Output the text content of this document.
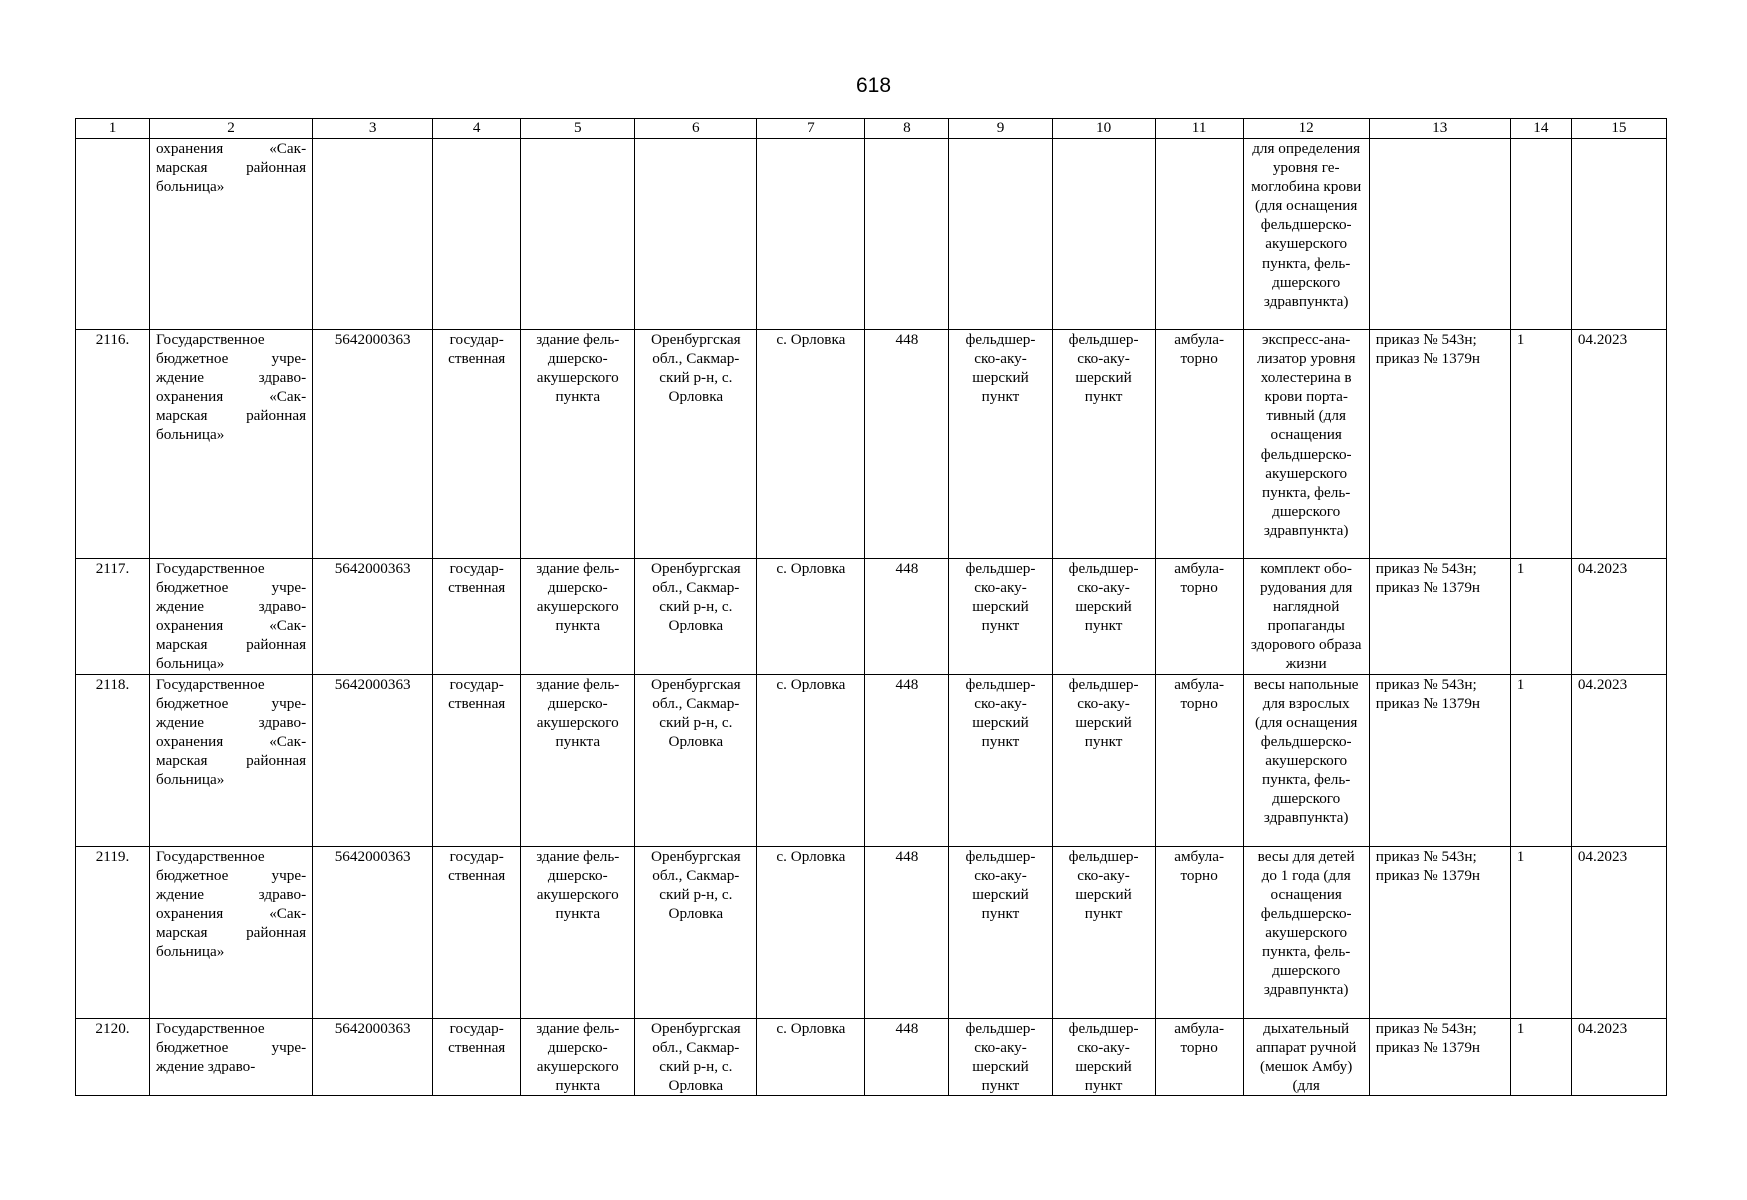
618
1	2	3	4	5	6	7	8	9	10	11	12	13	14	15
	охранения «Сакмарская районная больница»										для определения уровня гемоглобина крови (для оснащения фельдшерско-акушерского пункта, фельдшерского здравпункта)			
2116.	Государственное бюджетное учреждение здравоохранения «Сакмарская районная больница»	5642000363	государственная	здание фельдшерско-акушерского пункта	Оренбургская обл., Сакмарский р-н, с. Орловка	с. Орловка	448	фельдшерско-акушерский пункт	фельдшерско-акушерский пункт	амбулаторно	экспресс-анализатор уровня холестерина в крови портативный (для оснащения фельдшерско-акушерского пункта, фельдшерского здравпункта)	приказ № 543н; приказ № 1379н	1	04.2023
2117.	Государственное бюджетное учреждение здравоохранения «Сакмарская районная больница»	5642000363	государственная	здание фельдшерско-акушерского пункта	Оренбургская обл., Сакмарский р-н, с. Орловка	с. Орловка	448	фельдшерско-акушерский пункт	фельдшерско-акушерский пункт	амбулаторно	комплект оборудования для наглядной пропаганды здорового образа жизни	приказ № 543н; приказ № 1379н	1	04.2023
2118.	Государственное бюджетное учреждение здравоохранения «Сакмарская районная больница»	5642000363	государственная	здание фельдшерско-акушерского пункта	Оренбургская обл., Сакмарский р-н, с. Орловка	с. Орловка	448	фельдшерско-акушерский пункт	фельдшерско-акушерский пункт	амбулаторно	весы напольные для взрослых (для оснащения фельдшерско-акушерского пункта, фельдшерского здравпункта)	приказ № 543н; приказ № 1379н	1	04.2023
2119.	Государственное бюджетное учреждение здравоохранения «Сакмарская районная больница»	5642000363	государственная	здание фельдшерско-акушерского пункта	Оренбургская обл., Сакмарский р-н, с. Орловка	с. Орловка	448	фельдшерско-акушерский пункт	фельдшерско-акушерский пункт	амбулаторно	весы для детей до 1 года (для оснащения фельдшерско-акушерского пункта, фельдшерского здравпункта)	приказ № 543н; приказ № 1379н	1	04.2023
2120.	Государственное бюджетное учреждение здраво-	5642000363	государственная	здание фельдшерско-акушерского пункта	Оренбургская обл., Сакмарский р-н, с. Орловка	с. Орловка	448	фельдшерско-акушерский пункт	фельдшерско-акушерский пункт	амбулаторно	дыхательный аппарат ручной (мешок Амбу) (для	приказ № 543н; приказ № 1379н	1	04.2023
